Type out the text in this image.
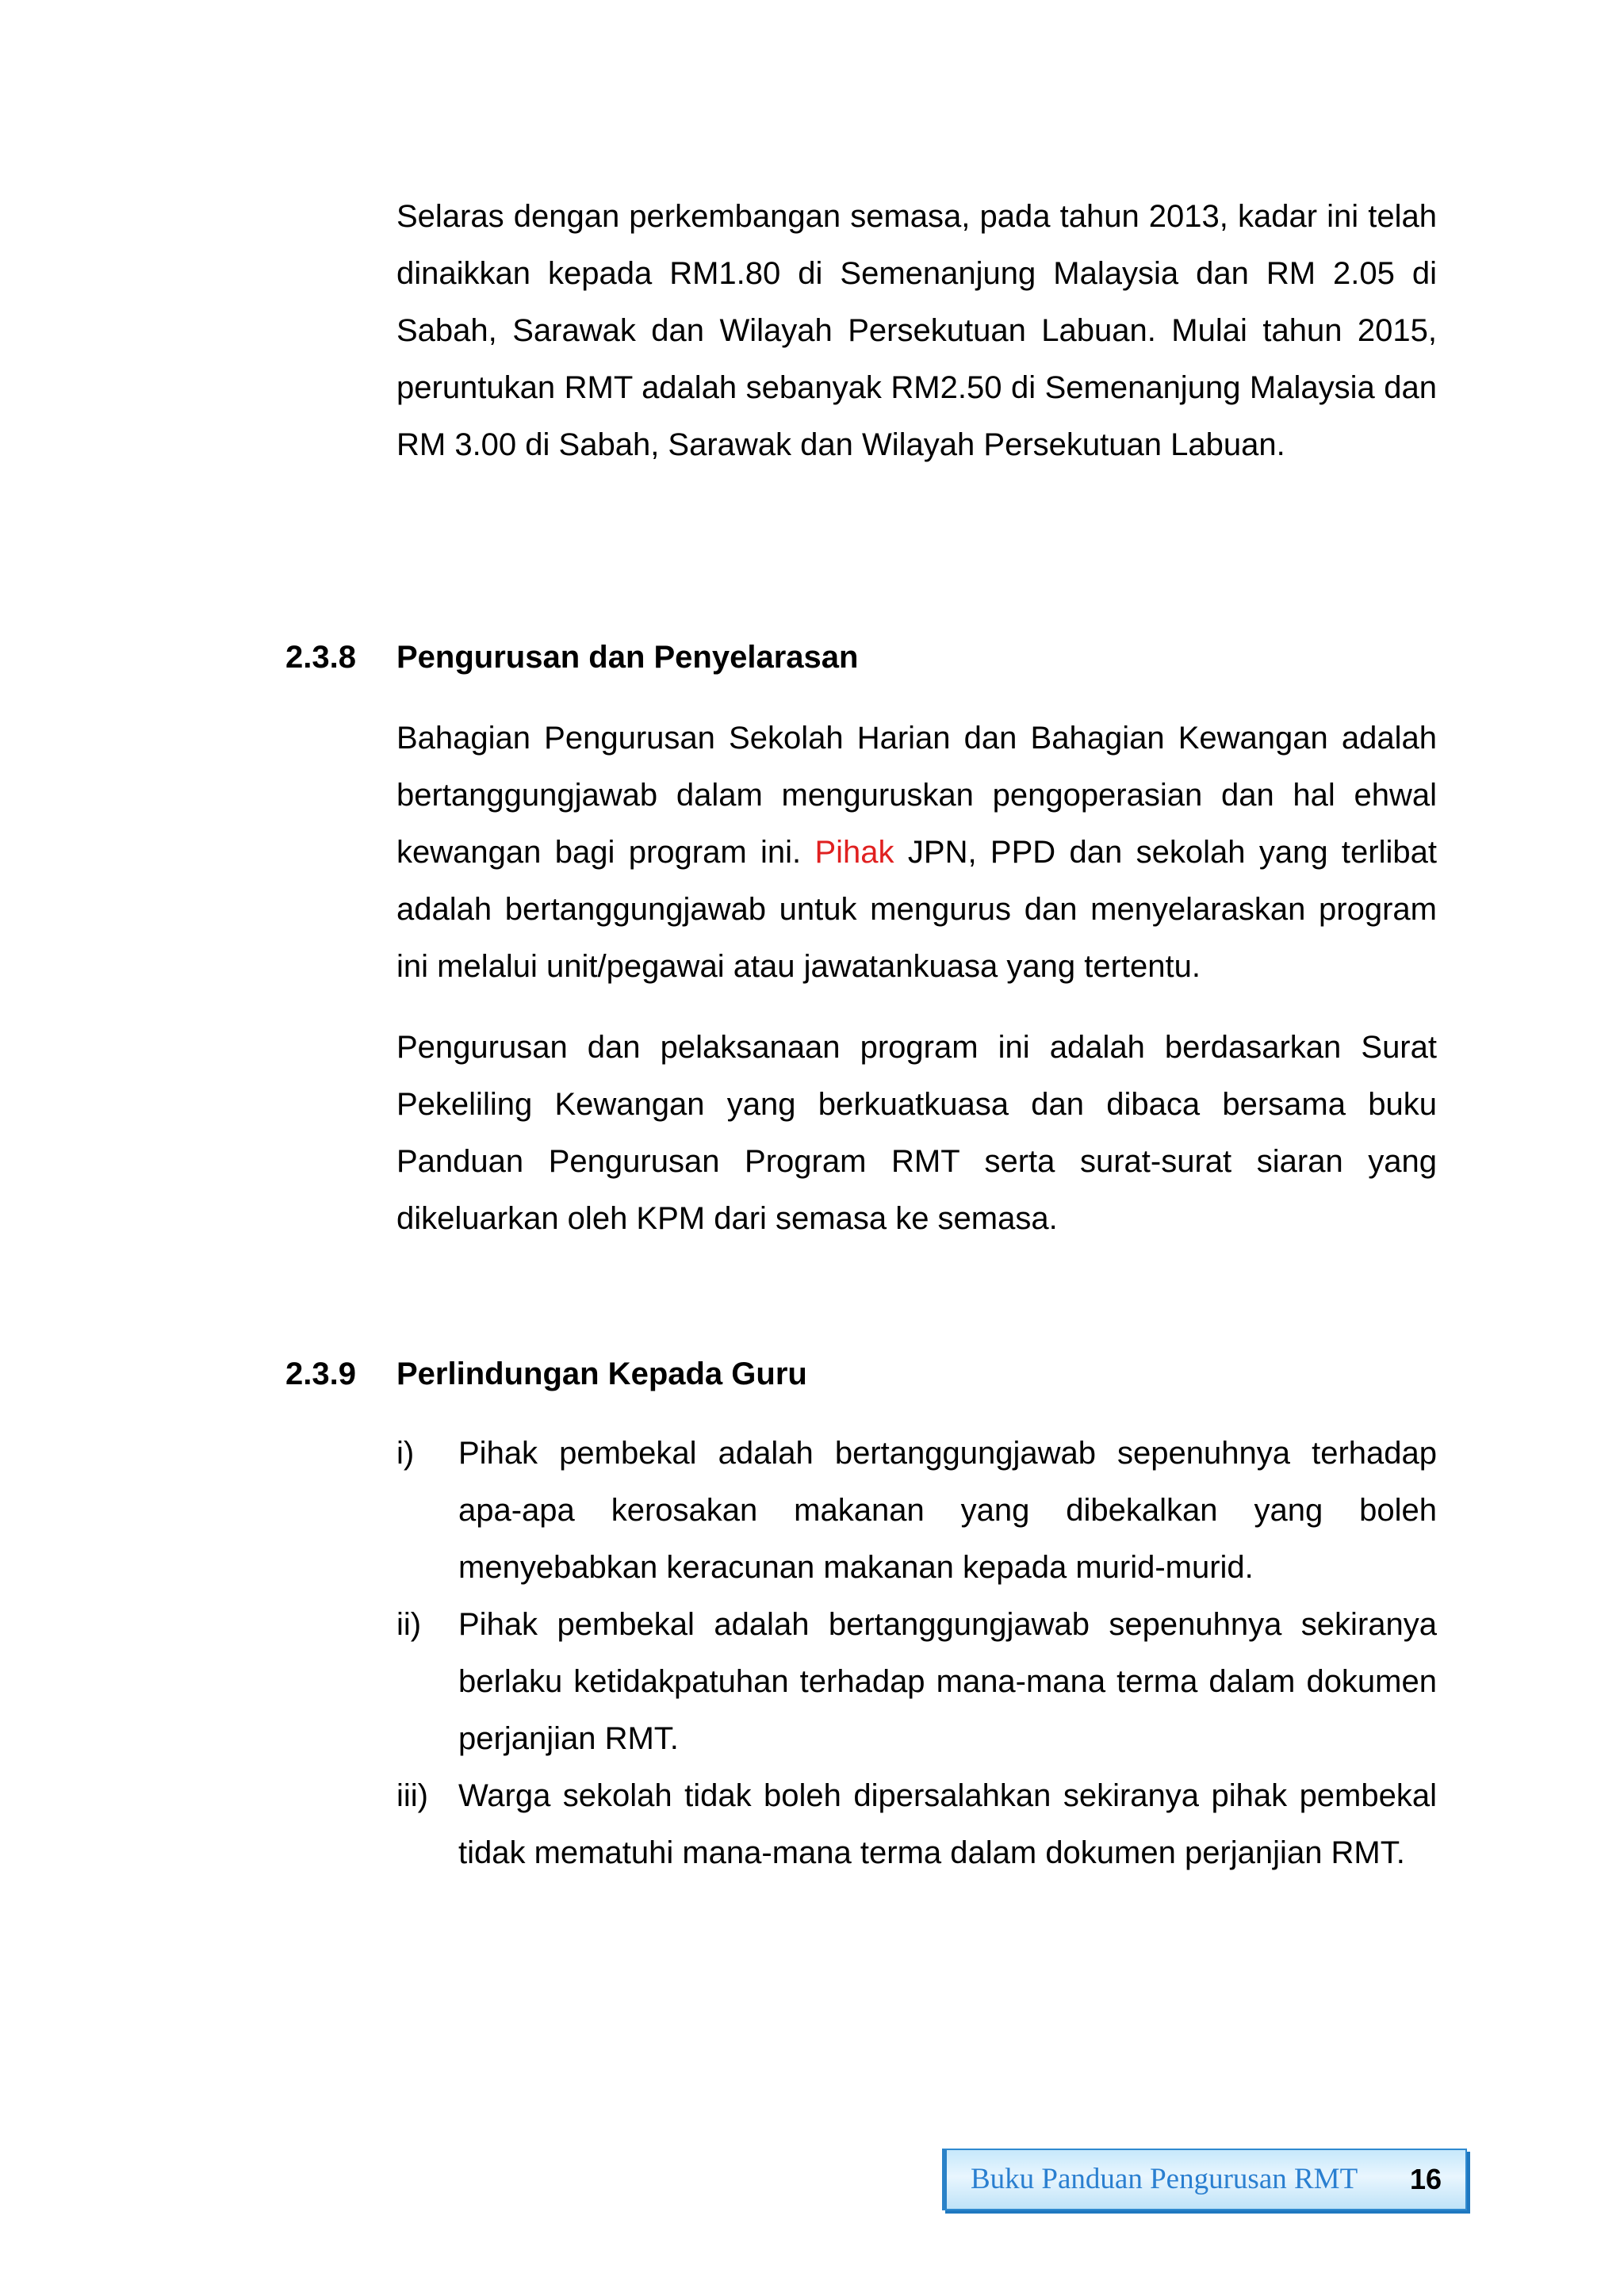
Selaras dengan perkembangan semasa, pada tahun 2013, kadar ini telah dinaikkan kepada RM1.80 di Semenanjung Malaysia dan RM 2.05 di Sabah, Sarawak dan Wilayah Persekutuan Labuan. Mulai tahun 2015, peruntukan RMT adalah sebanyak RM2.50 di Semenanjung Malaysia dan RM 3.00 di Sabah, Sarawak dan Wilayah Persekutuan Labuan.

2.3.8 Pengurusan dan Penyelarasan

Bahagian Pengurusan Sekolah Harian dan Bahagian Kewangan adalah bertanggungjawab dalam menguruskan pengoperasian dan hal ehwal kewangan bagi program ini. Pihak JPN, PPD dan sekolah yang terlibat adalah bertanggungjawab untuk mengurus dan menyelaraskan program ini melalui unit/pegawai atau jawatankuasa yang tertentu.

Pengurusan dan pelaksanaan program ini adalah berdasarkan Surat Pekeliling Kewangan yang berkuatkuasa dan dibaca bersama buku Panduan Pengurusan Program RMT serta surat-surat siaran yang dikeluarkan oleh KPM dari semasa ke semasa.

2.3.9 Perlindungan Kepada Guru
i)	Pihak pembekal adalah bertanggungjawab sepenuhnya terhadap apa-apa kerosakan makanan yang dibekalkan yang boleh menyebabkan keracunan makanan kepada murid-murid.

ii)	Pihak pembekal adalah bertanggungjawab sepenuhnya sekiranya berlaku ketidakpatuhan terhadap mana-mana terma dalam dokumen perjanjian RMT.

iii) Warga sekolah tidak boleh dipersalahkan sekiranya pihak pembekal tidak mematuhi mana-mana terma dalam dokumen perjanjian RMT.

Buku Panduan Pengurusan RMT 16
